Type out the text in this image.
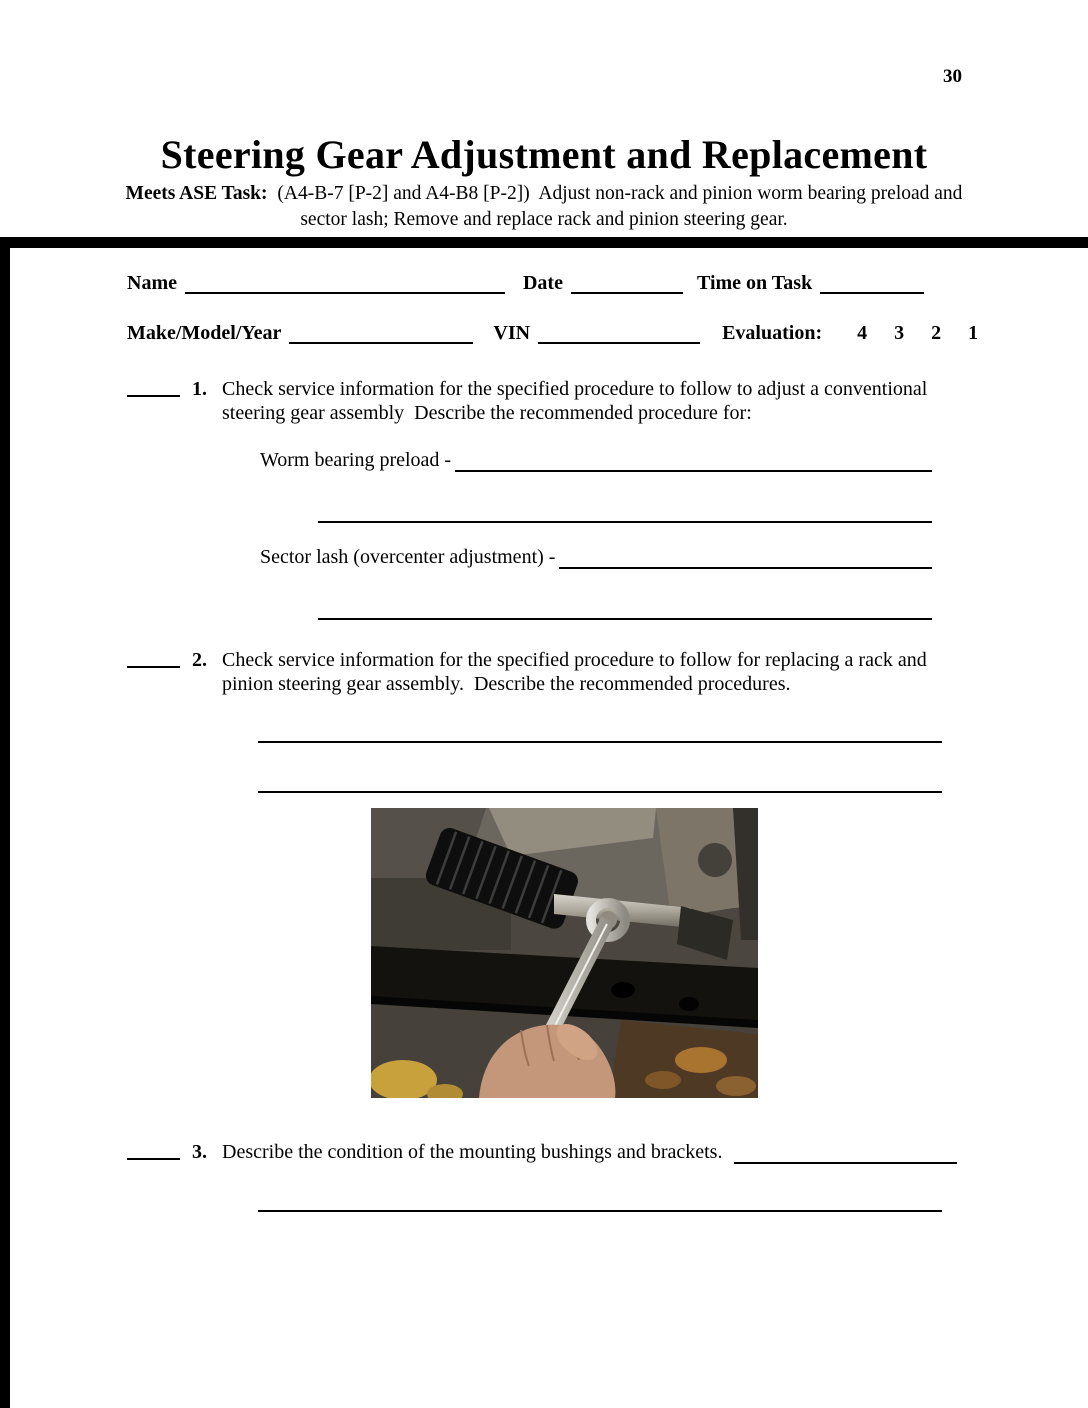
30
Steering Gear Adjustment and Replacement
Meets ASE Task: (A4-B-7 [P-2] and A4-B8 [P-2])  Adjust non-rack and pinion worm bearing preload and sector lash; Remove and replace rack and pinion steering gear.
Name	Date	Time on Task
Make/Model/Year	VIN	Evaluation: 4 3 2 1
1. Check service information for the specified procedure to follow to adjust a conventional steering gear assembly  Describe the recommended procedure for:
Worm bearing preload -
Sector lash (overcenter adjustment) -
2. Check service information for the specified procedure to follow for replacing a rack and pinion steering gear assembly.  Describe the recommended procedures.
3. Describe the condition of the mounting bushings and brackets.
